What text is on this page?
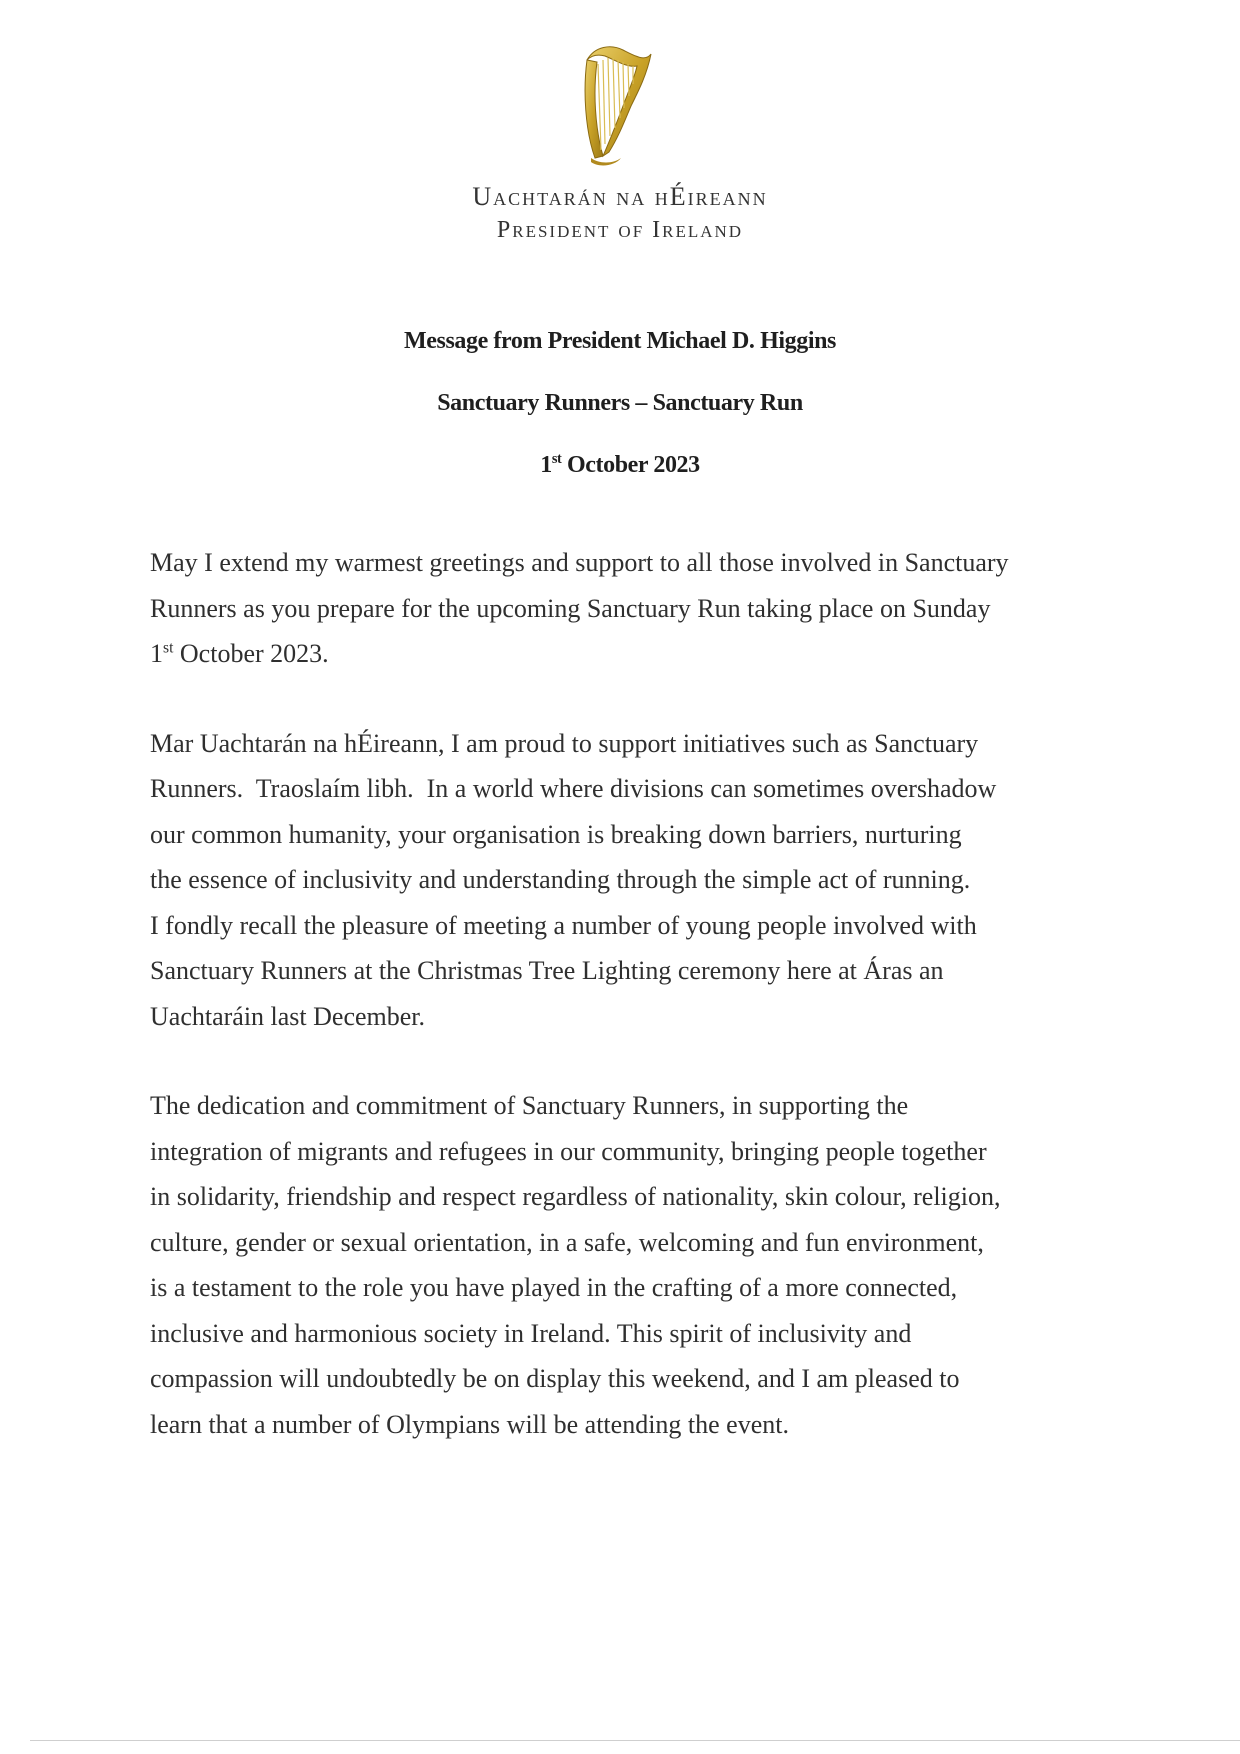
Uachtarán na hÉireann
President of Ireland
Message from President Michael D. Higgins
Sanctuary Runners – Sanctuary Run
1st October 2023

May I extend my warmest greetings and support to all those involved in Sanctuary
Runners as you prepare for the upcoming Sanctuary Run taking place on Sunday
1st October 2023.

Mar Uachtarán na hÉireann, I am proud to support initiatives such as Sanctuary
Runners.  Traoslaím libh.  In a world where divisions can sometimes overshadow
our common humanity, your organisation is breaking down barriers, nurturing
the essence of inclusivity and understanding through the simple act of running.
I fondly recall the pleasure of meeting a number of young people involved with
Sanctuary Runners at the Christmas Tree Lighting ceremony here at Áras an
Uachtaráin last December.

The dedication and commitment of Sanctuary Runners, in supporting the
integration of migrants and refugees in our community, bringing people together
in solidarity, friendship and respect regardless of nationality, skin colour, religion,
culture, gender or sexual orientation, in a safe, welcoming and fun environment,
is a testament to the role you have played in the crafting of a more connected,
inclusive and harmonious society in Ireland. This spirit of inclusivity and
compassion will undoubtedly be on display this weekend, and I am pleased to
learn that a number of Olympians will be attending the event.
